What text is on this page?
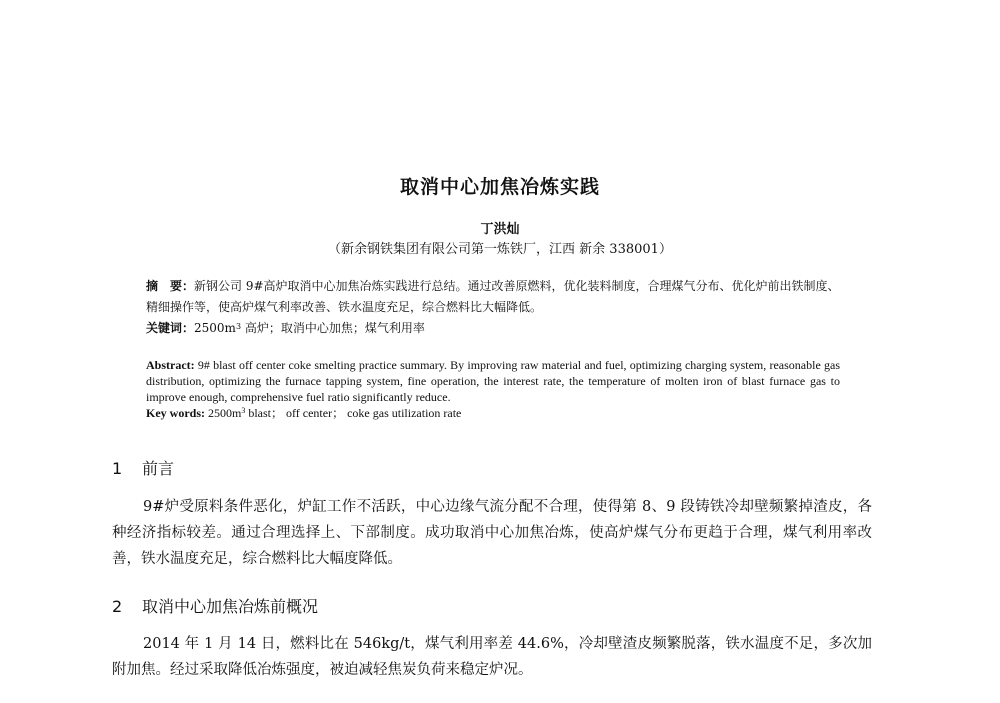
取消中心加焦冶炼实践
丁洪灿
（新余钢铁集团有限公司第一炼铁厂，江西 新余 338001）
摘　要：新钢公司 9#高炉取消中心加焦冶炼实践进行总结。通过改善原燃料，优化装料制度，合理煤气分布、优化炉前出铁制度、精细操作等，使高炉煤气利率改善、铁水温度充足，综合燃料比大幅降低。
关键词：$2500m^3$ 高炉；取消中心加焦；煤气利用率
Abstract: 9# blast off center coke smelting practice summary. By improving raw material and fuel, optimizing charging system, reasonable gas distribution, optimizing the furnace tapping system, fine operation, the interest rate, the temperature of molten iron of blast furnace gas to improve enough, comprehensive fuel ratio significantly reduce.
Key words: $2500m^3$ blast； off center； coke gas utilization rate
1 前言
9#炉受原料条件恶化，炉缸工作不活跃，中心边缘气流分配不合理，使得第 8、9 段铸铁冷却壁频繁掉渣皮，各种经济指标较差。通过合理选择上、下部制度。成功取消中心加焦冶炼，使高炉煤气分布更趋于合理，煤气利用率改善，铁水温度充足，综合燃料比大幅度降低。
2 取消中心加焦冶炼前概况
2014 年 1 月 14 日，燃料比在 546kg/t，煤气利用率差 44.6%，冷却壁渣皮频繁脱落，铁水温度不足，多次加附加焦。经过采取降低冶炼强度，被迫减轻焦炭负荷来稳定炉况。
